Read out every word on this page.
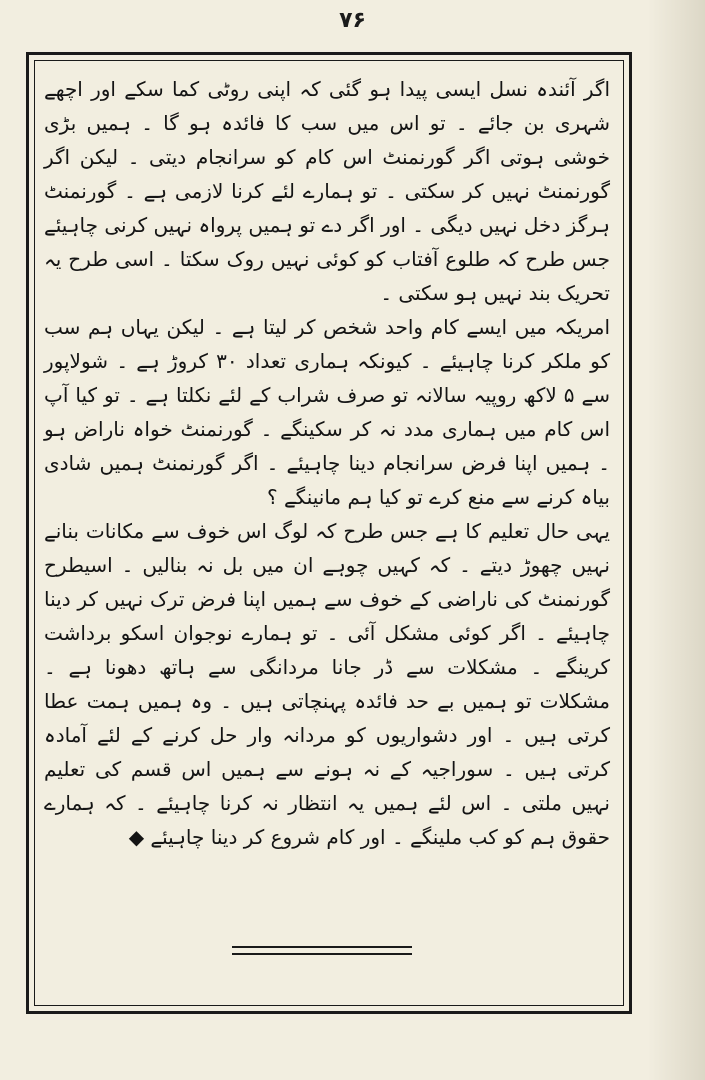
۷۶

اگر آئندہ نسل ایسی پیدا ہو گئی کہ اپنی روٹی کما سکے اور اچھے شہری بن جائے ۔ تو اس میں سب کا فائدہ ہو گا ۔ ہمیں بڑی خوشی ہوتی اگر گورنمنٹ اس کام کو سرانجام دیتی ۔ لیکن اگر گورنمنٹ نہیں کر سکتی ۔ تو ہمارے لئے کرنا لازمی ہے ۔ گورنمنٹ ہرگز دخل نہیں دیگی ۔ اور اگر دے تو ہمیں پرواہ نہیں کرنی چاہیئے جس طرح کہ طلوع آفتاب کو کوئی نہیں روک سکتا ۔ اسی طرح یہ تحریک بند نہیں ہو سکتی ۔

امریکہ میں ایسے کام واحد شخص کر لیتا ہے ۔ لیکن یہاں ہم سب کو ملکر کرنا چاہیئے ۔ کیونکہ ہماری تعداد ۳۰ کروڑ ہے ۔ شولاپور سے ۵ لاکھ روپیہ سالانہ تو صرف شراب کے لئے نکلتا ہے ۔ تو کیا آپ اس کام میں ہماری مدد نہ کر سکینگے ۔ گورنمنٹ خواہ ناراض ہو ۔ ہمیں اپنا فرض سرانجام دینا چاہیئے ۔ اگر گورنمنٹ ہمیں شادی بیاہ کرنے سے منع کرے تو کیا ہم مانینگے ؟

یہی حال تعلیم کا ہے جس طرح کہ لوگ اس خوف سے مکانات بنانے نہیں چھوڑ دیتے ۔ کہ کہیں چوہے ان میں بل نہ بنالیں ۔ اسیطرح گورنمنٹ کی ناراضی کے خوف سے ہمیں اپنا فرض ترک نہیں کر دینا چاہیئے ۔ اگر کوئی مشکل آئی ۔ تو ہمارے نوجوان اسکو برداشت کرینگے ۔ مشکلات سے ڈر جانا مردانگی سے ہاتھ دھونا ہے ۔ مشکلات تو ہمیں بے حد فائدہ پہنچاتی ہیں ۔ وہ ہمیں ہمت عطا کرتی ہیں ۔ اور دشواریوں کو مردانہ وار حل کرنے کے لئے آمادہ کرتی ہیں ۔ سوراجیہ کے نہ ہونے سے ہمیں اس قسم کی تعلیم نہیں ملتی ۔ اس لئے ہمیں یہ انتظار نہ کرنا چاہیئے ۔ کہ ہمارے حقوق ہم کو کب ملینگے ۔ اور کام شروع کر دینا چاہیئے ◆
